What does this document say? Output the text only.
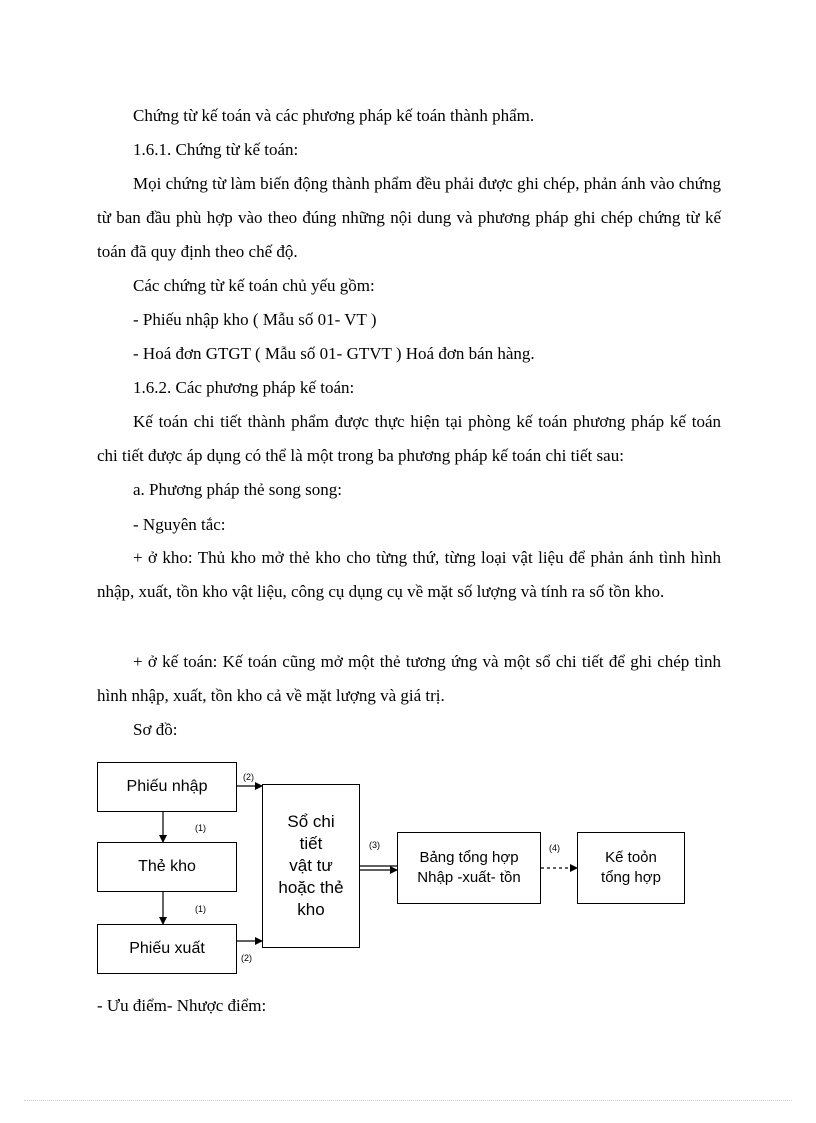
Chứng từ kế toán và các phương pháp kế toán thành phẩm.

1.6.1. Chứng từ kế toán:

Mọi chứng từ làm biến động thành phẩm đều phải được ghi chép, phản ánh vào chứng từ ban đầu phù hợp vào theo đúng những nội dung và phương pháp ghi chép chứng từ kế toán đã quy định theo chế độ.

Các chứng từ kế toán chủ yếu gồm:

- Phiếu nhập kho ( Mẫu số 01- VT )

- Hoá đơn GTGT ( Mẫu số 01- GTVT ) Hoá đơn bán hàng.

1.6.2. Các phương pháp kế toán:

Kế toán chi tiết thành phẩm được thực hiện tại phòng kế toán phương pháp kế toán chi tiết được áp dụng có thể là một trong ba phương pháp kế toán chi tiết sau:

a. Phương pháp thẻ song song:

- Nguyên tắc:

+ ở kho: Thủ kho mở thẻ kho cho từng thứ, từng loại vật liệu để phản ánh tình hình nhập, xuất, tồn kho vật liệu, công cụ dụng cụ về mặt số lượng và tính ra số tồn kho.

+ ở kế toán: Kế toán cũng mở một thẻ tương ứng và một sổ chi tiết để ghi chép tình hình nhập, xuất, tồn kho cả về mặt lượng và giá trị.

Sơ đồ:

Phiếu nhập
Thẻ kho
Phiếu xuất
Sổ chi
tiết
vật tư
hoặc thẻ
kho
Bảng tổng hợp
Nhập -xuất- tồn
Kế toỏn
tổng hợp
(2)
(1)
(1)
(2)
(3)	(4)

- Ưu điểm- Nhược điểm:
